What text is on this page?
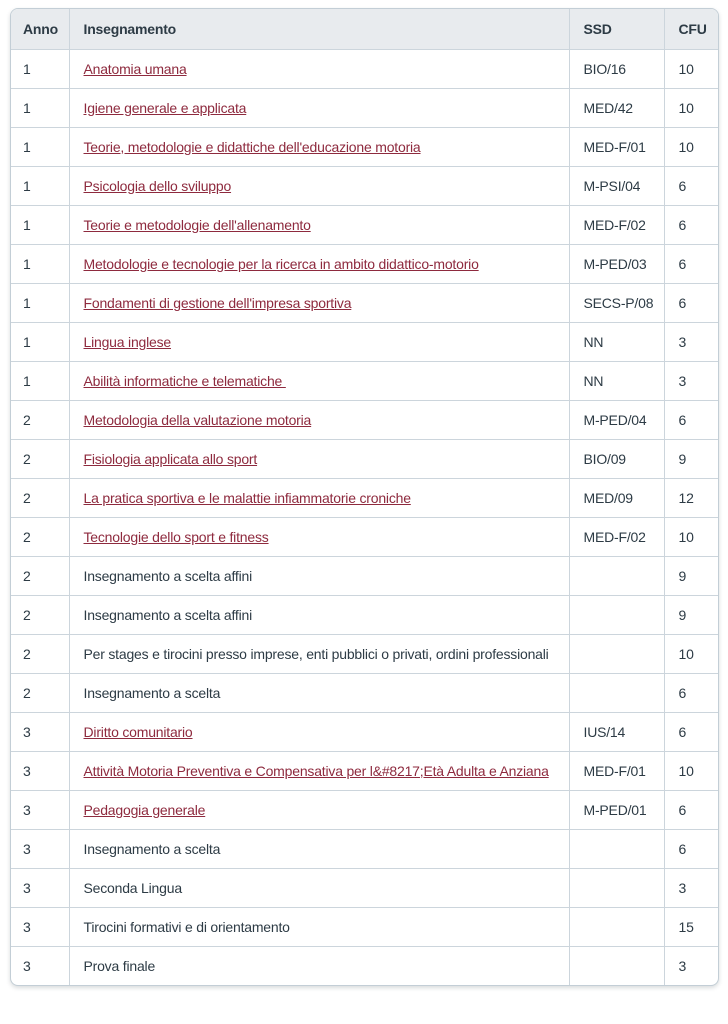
Anno	Insegnamento	SSD	CFU
1	Anatomia umana	BIO/16	10
1	Igiene generale e applicata	MED/42	10
1	Teorie, metodologie e didattiche dell'educazione motoria	MED-F/01	10
1	Psicologia dello sviluppo	M-PSI/04	6
1	Teorie e metodologie dell'allenamento	MED-F/02	6
1	Metodologie e tecnologie per la ricerca in ambito didattico-motorio	M-PED/03	6
1	Fondamenti di gestione dell'impresa sportiva	SECS-P/08	6
1	Lingua inglese	NN	3
1	Abilità informatiche e telematiche	NN	3
2	Metodologia della valutazione motoria	M-PED/04	6
2	Fisiologia applicata allo sport	BIO/09	9
2	La pratica sportiva e le malattie infiammatorie croniche	MED/09	12
2	Tecnologie dello sport e fitness	MED-F/02	10
2	Insegnamento a scelta affini		9
2	Insegnamento a scelta affini		9
2	Per stages e tirocini presso imprese, enti pubblici o privati, ordini professionali		10
2	Insegnamento a scelta		6
3	Diritto comunitario	IUS/14	6
3	Attività Motoria Preventiva e Compensativa per l&#8217;Età Adulta e Anziana	MED-F/01	10
3	Pedagogia generale	M-PED/01	6
3	Insegnamento a scelta		6
3	Seconda Lingua		3
3	Tirocini formativi e di orientamento		15
3	Prova finale		3
